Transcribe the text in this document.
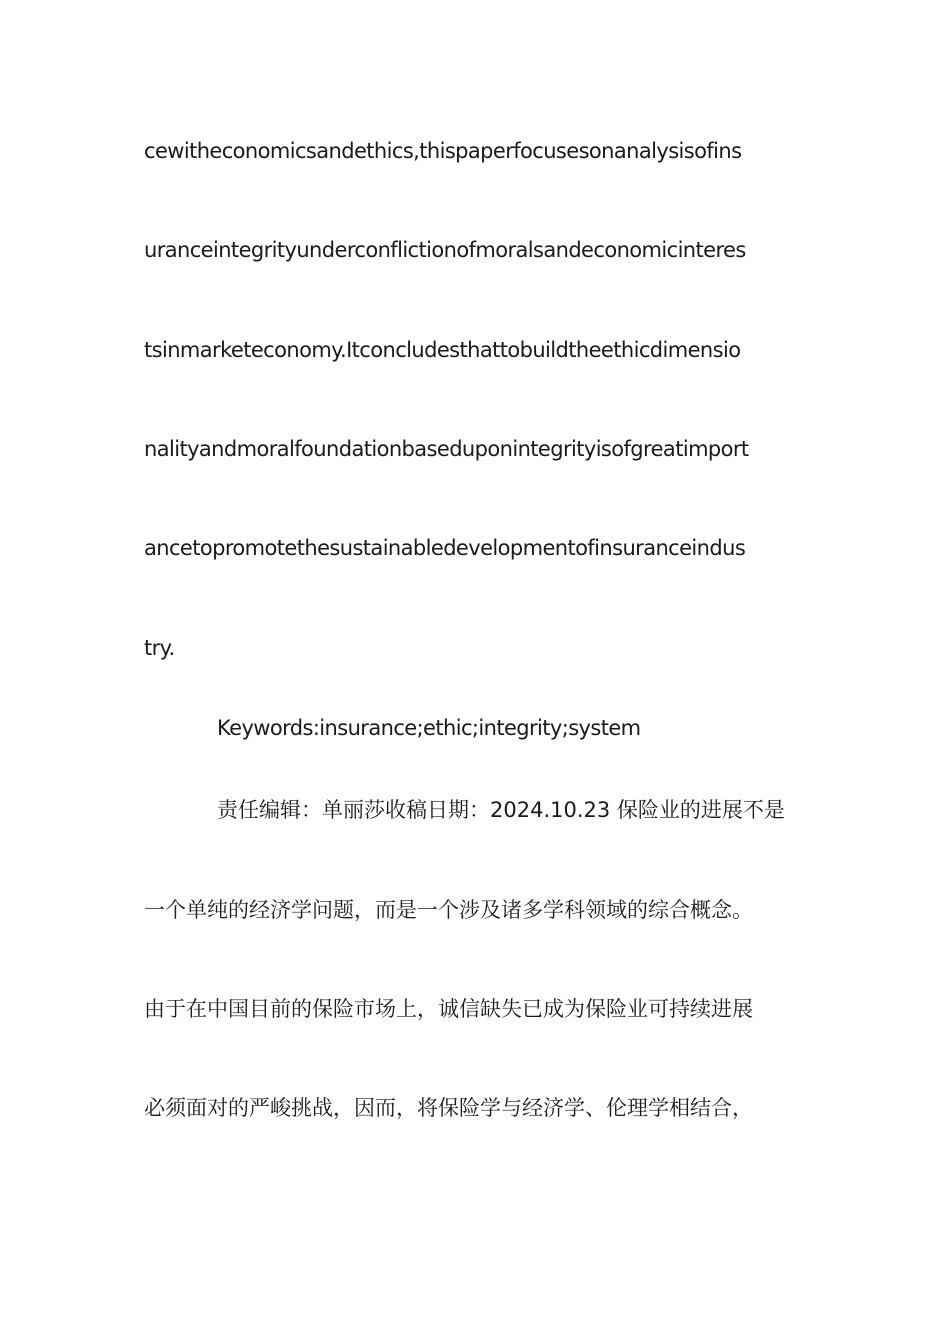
cewitheconomicsandethics,thispaperfocusesonanalysisofins
uranceintegrityunderconflictionofmoralsandeconomicinteres
tsinmarketeconomy.Itconcludesthattobuildtheethicdimensio
nalityandmoralfoundationbaseduponintegrityisofgreatimport
ancetopromotethesustainabledevelopmentofinsuranceindus
try.
Keywords:insurance;ethic;integrity;system
责任编辑：单丽莎收稿日期：2024.10.23 保险业的进展不是
一个单纯的经济学问题，而是一个涉及诸多学科领域的综合概念。
由于在中国目前的保险市场上，诚信缺失已成为保险业可持续进展
必须面对的严峻挑战，因而，将保险学与经济学、伦理学相结合，
